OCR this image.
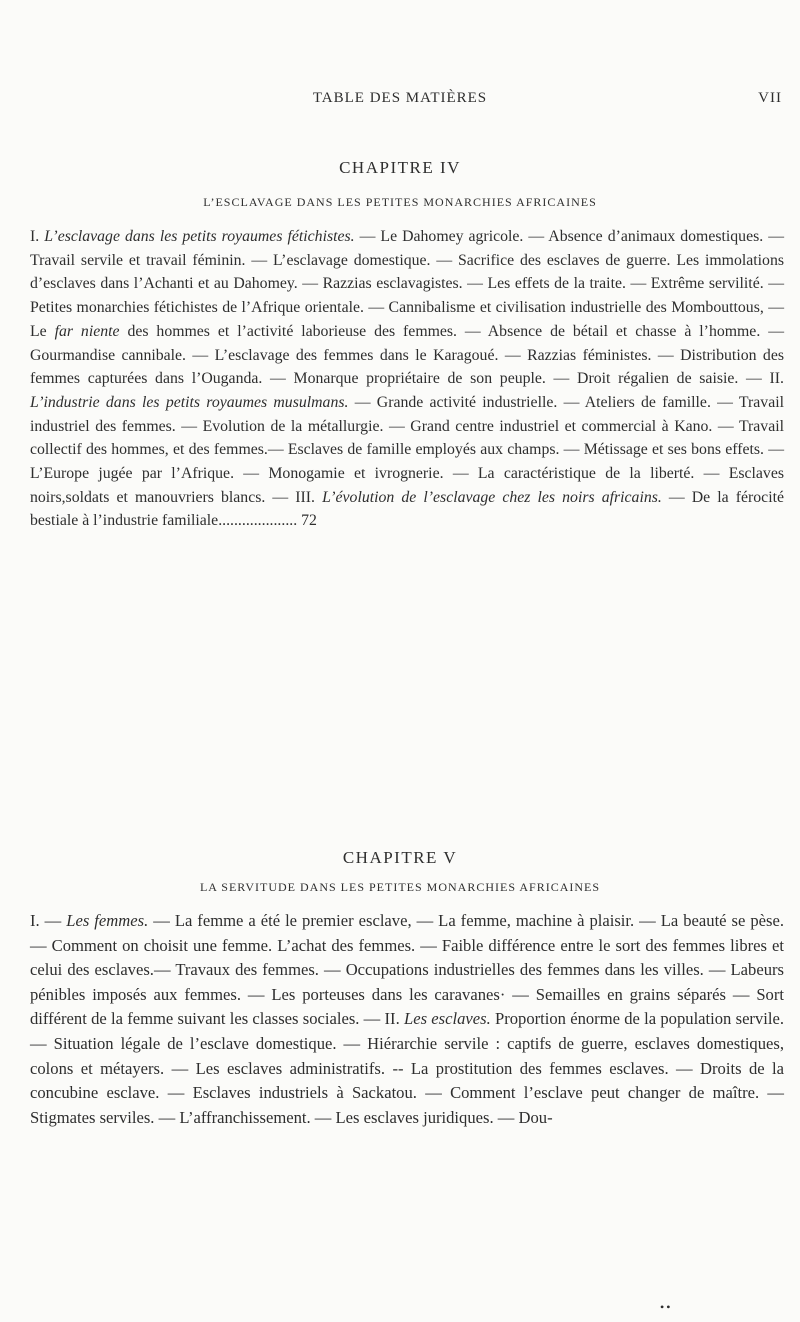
TABLE DES MATIÈRES	VII
CHAPITRE IV
L’ESCLAVAGE DANS LES PETITES MONARCHIES AFRICAINES

I. L’esclavage dans les petits royaumes fétichistes. — Le Dahomey agricole. — Absence d’animaux domestiques. — Travail servile et travail féminin. — L’esclavage domestique. — Sacrifice des esclaves de guerre. Les immolations d’esclaves dans l’Achanti et au Dahomey. — Razzias esclavagistes. — Les effets de la traite. — Extrême servilité. — Petites monarchies fétichistes de l’Afrique orientale. — Cannibalisme et civilisation industrielle des Mombouttous, — Le far niente des hommes et l’activité laborieuse des femmes. — Absence de bétail et chasse à l’homme. — Gourmandise cannibale. — L’esclavage des femmes dans le Karagoué. — Razzias féministes. — Distribution des femmes capturées dans l’Ouganda. — Monarque propriétaire de son peuple. — Droit régalien de saisie. — II. L’industrie dans les petits royaumes musulmans. — Grande activité industrielle. — Ateliers de famille. — Travail industriel des femmes. — Evolution de la métallurgie. — Grand centre industriel et commercial à Kano. — Travail collectif des hommes, et des femmes.— Esclaves de famille employés aux champs. — Métissage et ses bons effets. — L’Europe jugée par l’Afrique. — Monogamie et ivrognerie. — La caractéristique de la liberté. — Esclaves noirs,soldats et manouvriers blancs. — III. L’évolution de l’esclavage chez les noirs africains. — De la férocité bestiale à l’industrie familiale.................... 72

CHAPITRE V
LA SERVITUDE DANS LES PETITES MONARCHIES AFRICAINES

I. — Les femmes. — La femme a été le premier esclave, — La femme, machine à plaisir. — La beauté se pèse. — Comment on choisit une femme. L’achat des femmes. — Faible différence entre le sort des femmes libres et celui des esclaves.— Travaux des femmes. — Occupations industrielles des femmes dans les villes. — Labeurs pénibles imposés aux femmes. — Les porteuses dans les caravanes· — Semailles en grains séparés — Sort différent de la femme suivant les classes sociales. — II. Les esclaves. Proportion énorme de la population servile. — Situation légale de l’esclave domestique. — Hiérarchie servile : captifs de guerre, esclaves domestiques, colons et métayers. — Les esclaves administratifs. -- La prostitution des femmes esclaves. — Droits de la concubine esclave. — Esclaves industriels à Sackatou. — Comment l’esclave peut changer de maître. — Stigmates serviles. — L’affranchissement. — Les esclaves juridiques. — Dou-

••
